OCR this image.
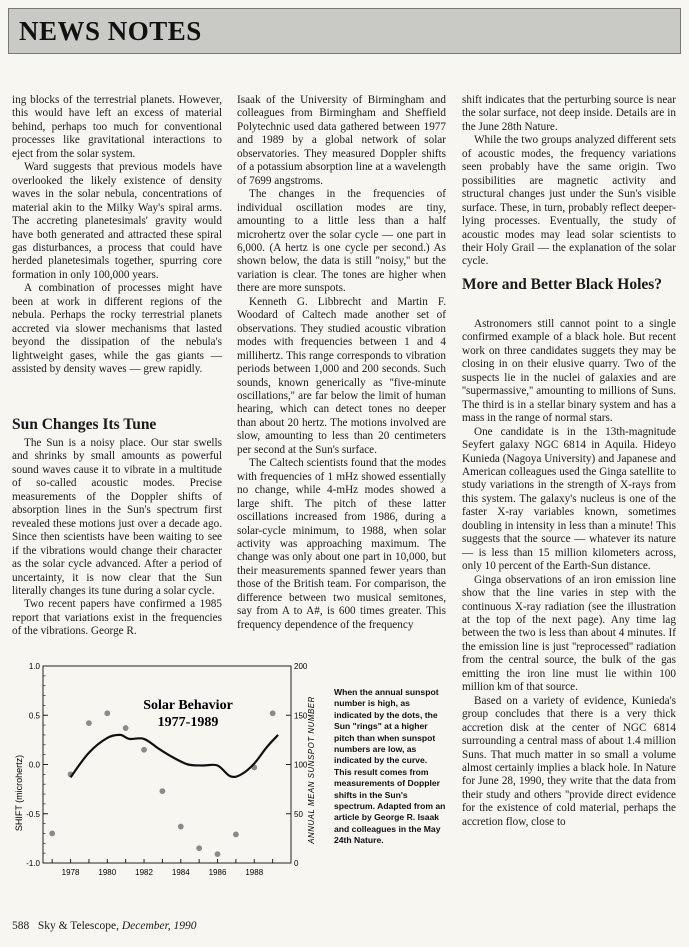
NEWS NOTES

ing blocks of the terrestrial planets. However, this would have left an excess of material behind, perhaps too much for conventional processes like gravitational interactions to eject from the solar system.

Ward suggests that previous models have overlooked the likely existence of density waves in the solar nebula, concentrations of material akin to the Milky Way's spiral arms. The accreting planetesimals' gravity would have both generated and attracted these spiral gas disturbances, a process that could have herded planetesimals together, spurring core formation in only 100,000 years.

A combination of processes might have been at work in different regions of the nebula. Perhaps the rocky terrestrial planets accreted via slower mechanisms that lasted beyond the dissipation of the nebula's lightweight gases, while the gas giants — assisted by density waves — grew rapidly.

Sun Changes Its Tune

The Sun is a noisy place. Our star swells and shrinks by small amounts as powerful sound waves cause it to vibrate in a multitude of so-called acoustic modes. Precise measurements of the Doppler shifts of absorption lines in the Sun's spectrum first revealed these motions just over a decade ago. Since then scientists have been waiting to see if the vibrations would change their character as the solar cycle advanced. After a period of uncertainty, it is now clear that the Sun literally changes its tune during a solar cycle.

Two recent papers have confirmed a 1985 report that variations exist in the frequencies of the vibrations. George R.

Isaak of the University of Birmingham and colleagues from Birmingham and Sheffield Polytechnic used data gathered between 1977 and 1989 by a global network of solar observatories. They measured Doppler shifts of a potassium absorption line at a wavelength of 7699 angstroms.

The changes in the frequencies of individual oscillation modes are tiny, amounting to a little less than a half microhertz over the solar cycle — one part in 6,000. (A hertz is one cycle per second.) As shown below, the data is still ''noisy,'' but the variation is clear. The tones are higher when there are more sunspots.

Kenneth G. Libbrecht and Martin F. Woodard of Caltech made another set of observations. They studied acoustic vibration modes with frequencies between 1 and 4 millihertz. This range corresponds to vibration periods between 1,000 and 200 seconds. Such sounds, known generically as ''five-minute oscillations,'' are far below the limit of human hearing, which can detect tones no deeper than about 20 hertz. The motions involved are slow, amounting to less than 20 centimeters per second at the Sun's surface.

The Caltech scientists found that the modes with frequencies of 1 mHz showed essentially no change, while 4-mHz modes showed a large shift. The pitch of these latter oscillations increased from 1986, during a solar-cycle minimum, to 1988, when solar activity was approaching maximum. The change was only about one part in 10,000, but their measurements spanned fewer years than those of the British team. For comparison, the difference between two musical semitones, say from A to A#, is 600 times greater. This frequency dependence of the frequency

shift indicates that the perturbing source is near the solar surface, not deep inside. Details are in the June 28th Nature.

While the two groups analyzed different sets of acoustic modes, the frequency variations seen probably have the same origin. Two possibilities are magnetic activity and structural changes just under the Sun's visible surface. These, in turn, probably reflect deeper-lying processes. Eventually, the study of acoustic modes may lead solar scientists to their Holy Grail — the explanation of the solar cycle.

More and Better Black Holes?

Astronomers still cannot point to a single confirmed example of a black hole. But recent work on three candidates suggets they may be closing in on their elusive quarry. Two of the suspects lie in the nuclei of galaxies and are ''supermassive,'' amounting to millions of Suns. The third is in a stellar binary system and has a mass in the range of normal stars.

One candidate is in the 13th-magnitude Seyfert galaxy NGC 6814 in Aquila. Hideyo Kunieda (Nagoya University) and Japanese and American colleagues used the Ginga satellite to study variations in the strength of X-rays from this system. The galaxy's nucleus is one of the faster X-ray variables known, sometimes doubling in intensity in less than a minute! This suggests that the source — whatever its nature — is less than 15 million kilometers across, only 10 percent of the Earth-Sun distance.

Ginga observations of an iron emission line show that the line varies in step with the continuous X-ray radiation (see the illustration at the top of the next page). Any time lag between the two is less than about 4 minutes. If the emission line is just ''reprocessed'' radiation from the central source, the bulk of the gas emitting the iron line must lie within 100 million km of that source.

Based on a variety of evidence, Kunieda's group concludes that there is a very thick accretion disk at the center of NGC 6814 surrounding a central mass of about 1.4 million Suns. That much matter in so small a volume almost certainly implies a black hole. In Nature for June 28, 1990, they write that the data from their study and others ''provide direct evidence for the existence of cold material, perhaps the accretion flow, close to

1.0
0.5
0.0
-0.5
-1.0
200
150
100
50
0
1978 1980 1982 1984 1986 1988
Solar Behavior
1977-1989
SHIFT (microhertz)	ANNUAL MEAN SUNSPOT NUMBER
When the annual sunspot number is high, as indicated by the dots, the Sun "rings" at a higher pitch than when sunspot numbers are low, as indicated by the curve. This result comes from measurements of Doppler shifts in the Sun's spectrum. Adapted from an article by George R. Isaak and colleagues in the May 24th Nature.
588 Sky & Telescope, December, 1990
